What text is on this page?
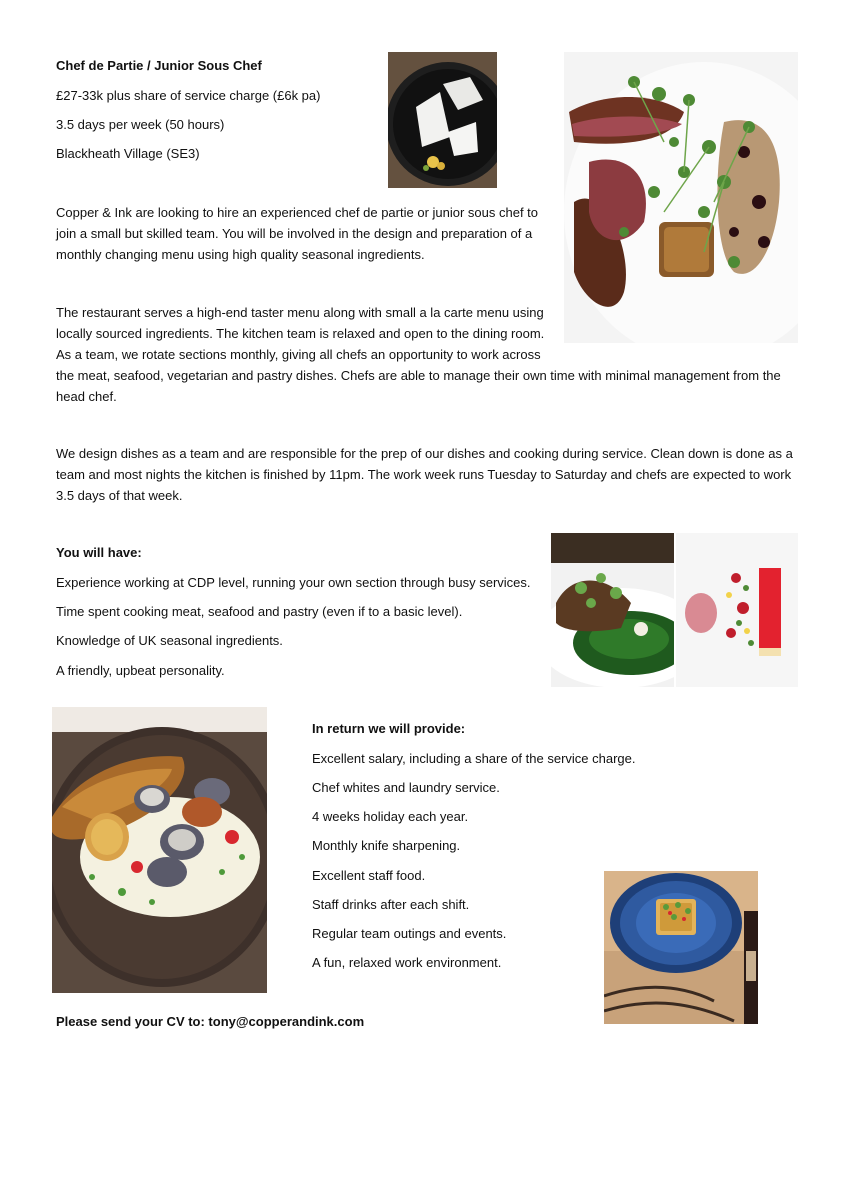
Chef de Partie / Junior Sous Chef

£27-33k plus share of service charge (£6k pa)

3.5 days per week (50 hours)

Blackheath Village (SE3)

Copper & Ink are looking to hire an experienced chef de partie or junior sous chef to join a small but skilled team. You will be involved in the design and preparation of a monthly changing menu using high quality seasonal ingredients.

The restaurant serves a high-end taster menu along with small a la carte menu using locally sourced ingredients. The kitchen team is relaxed and open to the dining room. As a team, we rotate sections monthly, giving all chefs an opportunity to work across the meat, seafood, vegetarian and pastry dishes. Chefs are able to manage their own time with minimal management from the head chef.

We design dishes as a team and are responsible for the prep of our dishes and cooking during service. Clean down is done as a team and most nights the kitchen is finished by 11pm. The work week runs Tuesday to Saturday and chefs are expected to work 3.5 days of that week.

You will have:

Experience working at CDP level, running your own section through busy services.

Time spent cooking meat, seafood and pastry (even if to a basic level).

Knowledge of UK seasonal ingredients.

A friendly, upbeat personality.

In return we will provide:

Excellent salary, including a share of the service charge.

Chef whites and laundry service.

4 weeks holiday each year.

Monthly knife sharpening.

Excellent staff food.

Staff drinks after each shift.

Regular team outings and events.

A fun, relaxed work environment.

Please send your CV to: tony@copperandink.com
